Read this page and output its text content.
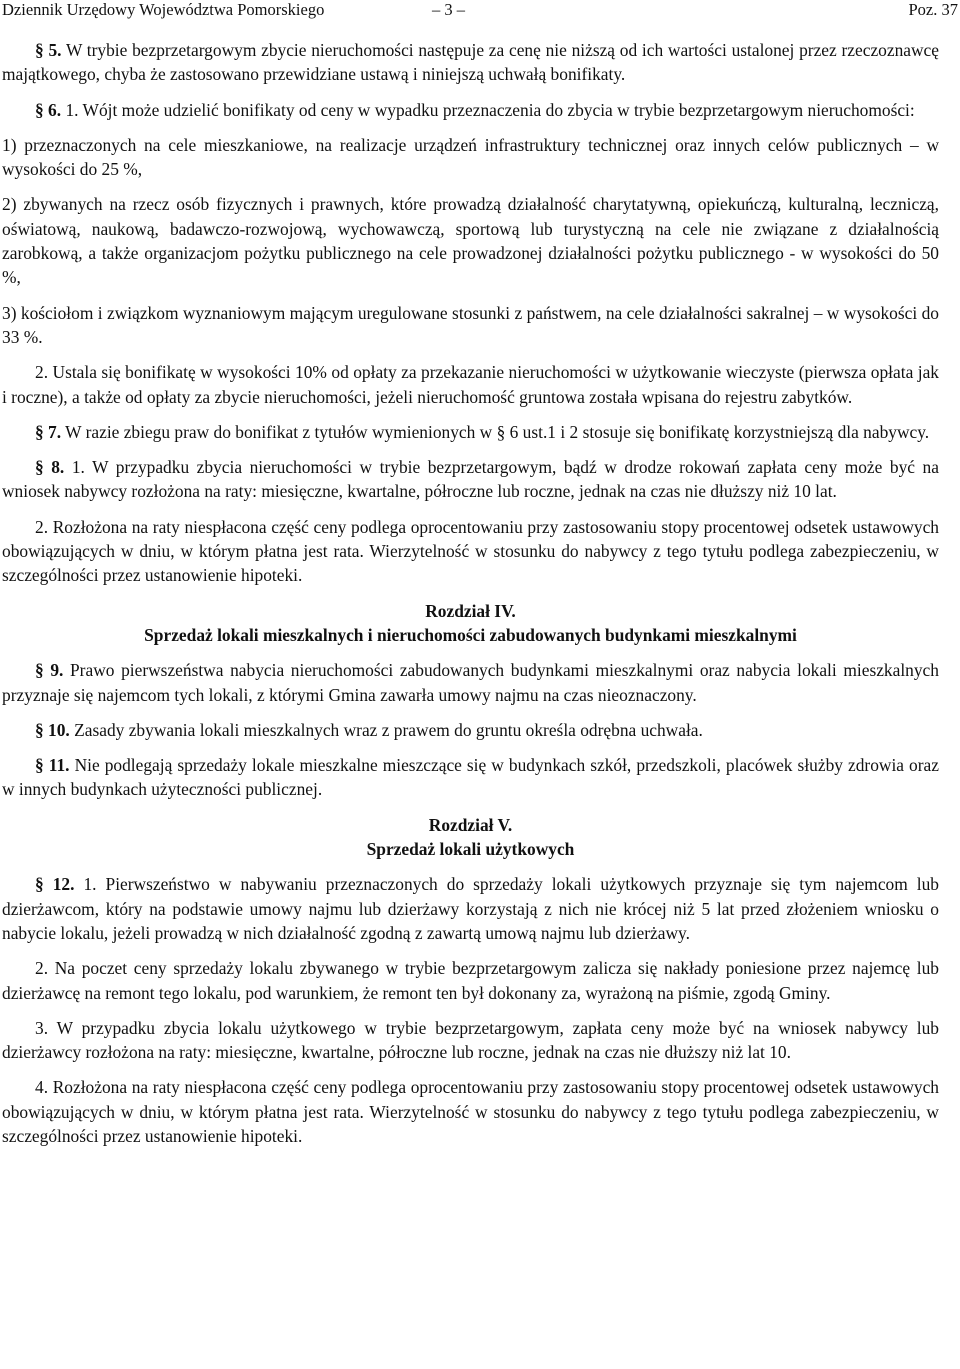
Dziennik Urzędowy Województwa Pomorskiego	– 3 –	Poz. 37

§ 5. W trybie bezprzetargowym zbycie nieruchomości następuje za cenę nie niższą od ich wartości ustalonej przez rzeczoznawcę majątkowego, chyba że zastosowano przewidziane ustawą i niniejszą uchwałą bonifikaty.

§ 6. 1. Wójt może udzielić bonifikaty od ceny w wypadku przeznaczenia do zbycia w trybie bezprzetargowym nieruchomości:

1) przeznaczonych na cele mieszkaniowe, na realizacje urządzeń infrastruktury technicznej oraz innych celów publicznych – w wysokości do 25 %,

2) zbywanych na rzecz osób fizycznych i prawnych, które prowadzą działalność charytatywną, opiekuńczą, kulturalną, leczniczą, oświatową, naukową, badawczo-rozwojową, wychowawczą, sportową lub turystyczną na cele nie związane z działalnością zarobkową, a także organizacjom pożytku publicznego na cele prowadzonej działalności pożytku publicznego - w wysokości do 50 %,

3) kościołom i związkom wyznaniowym mającym uregulowane stosunki z państwem, na cele działalności sakralnej – w wysokości do 33 %.

2. Ustala się bonifikatę w wysokości 10% od opłaty za przekazanie nieruchomości w użytkowanie wieczyste (pierwsza opłata jak i roczne), a także od opłaty za zbycie nieruchomości, jeżeli nieruchomość gruntowa została wpisana do rejestru zabytków.

§ 7. W razie zbiegu praw do bonifikat z tytułów wymienionych w § 6 ust.1 i 2 stosuje się bonifikatę korzystniejszą dla nabywcy.

§ 8. 1. W przypadku zbycia nieruchomości w trybie bezprzetargowym, bądź w drodze rokowań zapłata ceny może być na wniosek nabywcy rozłożona na raty: miesięczne, kwartalne, półroczne lub roczne, jednak na czas nie dłuższy niż 10 lat.

2. Rozłożona na raty niespłacona część ceny podlega oprocentowaniu przy zastosowaniu stopy procentowej odsetek ustawowych obowiązujących w dniu, w którym płatna jest rata. Wierzytelność w stosunku do nabywcy z tego tytułu podlega zabezpieczeniu, w szczególności przez ustanowienie hipoteki.

Rozdział IV.

Sprzedaż lokali mieszkalnych i nieruchomości zabudowanych budynkami mieszkalnymi

§ 9. Prawo pierwszeństwa nabycia nieruchomości zabudowanych budynkami mieszkalnymi oraz nabycia lokali mieszkalnych przyznaje się najemcom tych lokali, z którymi Gmina zawarła umowy najmu na czas nieoznaczony.

§ 10. Zasady zbywania lokali mieszkalnych wraz z prawem do gruntu określa odrębna uchwała.

§ 11. Nie podlegają sprzedaży lokale mieszkalne mieszczące się w budynkach szkół, przedszkoli, placówek służby zdrowia oraz w innych budynkach użyteczności publicznej.

Rozdział V.

Sprzedaż lokali użytkowych

§ 12. 1. Pierwszeństwo w nabywaniu przeznaczonych do sprzedaży lokali użytkowych przyznaje się tym najemcom lub dzierżawcom, który na podstawie umowy najmu lub dzierżawy korzystają z nich nie krócej niż 5 lat przed złożeniem wniosku o nabycie lokalu, jeżeli prowadzą w nich działalność zgodną z zawartą umową najmu lub dzierżawy.

2. Na poczet ceny sprzedaży lokalu zbywanego w trybie bezprzetargowym zalicza się nakłady poniesione przez najemcę lub dzierżawcę na remont tego lokalu, pod warunkiem, że remont ten był dokonany za, wyrażoną na piśmie, zgodą Gminy.

3. W przypadku zbycia lokalu użytkowego w trybie bezprzetargowym, zapłata ceny może być na wniosek nabywcy lub dzierżawcy rozłożona na raty: miesięczne, kwartalne, półroczne lub roczne, jednak na czas nie dłuższy niż lat 10.

4. Rozłożona na raty niespłacona część ceny podlega oprocentowaniu przy zastosowaniu stopy procentowej odsetek ustawowych obowiązujących w dniu, w którym płatna jest rata. Wierzytelność w stosunku do nabywcy z tego tytułu podlega zabezpieczeniu, w szczególności przez ustanowienie hipoteki.
